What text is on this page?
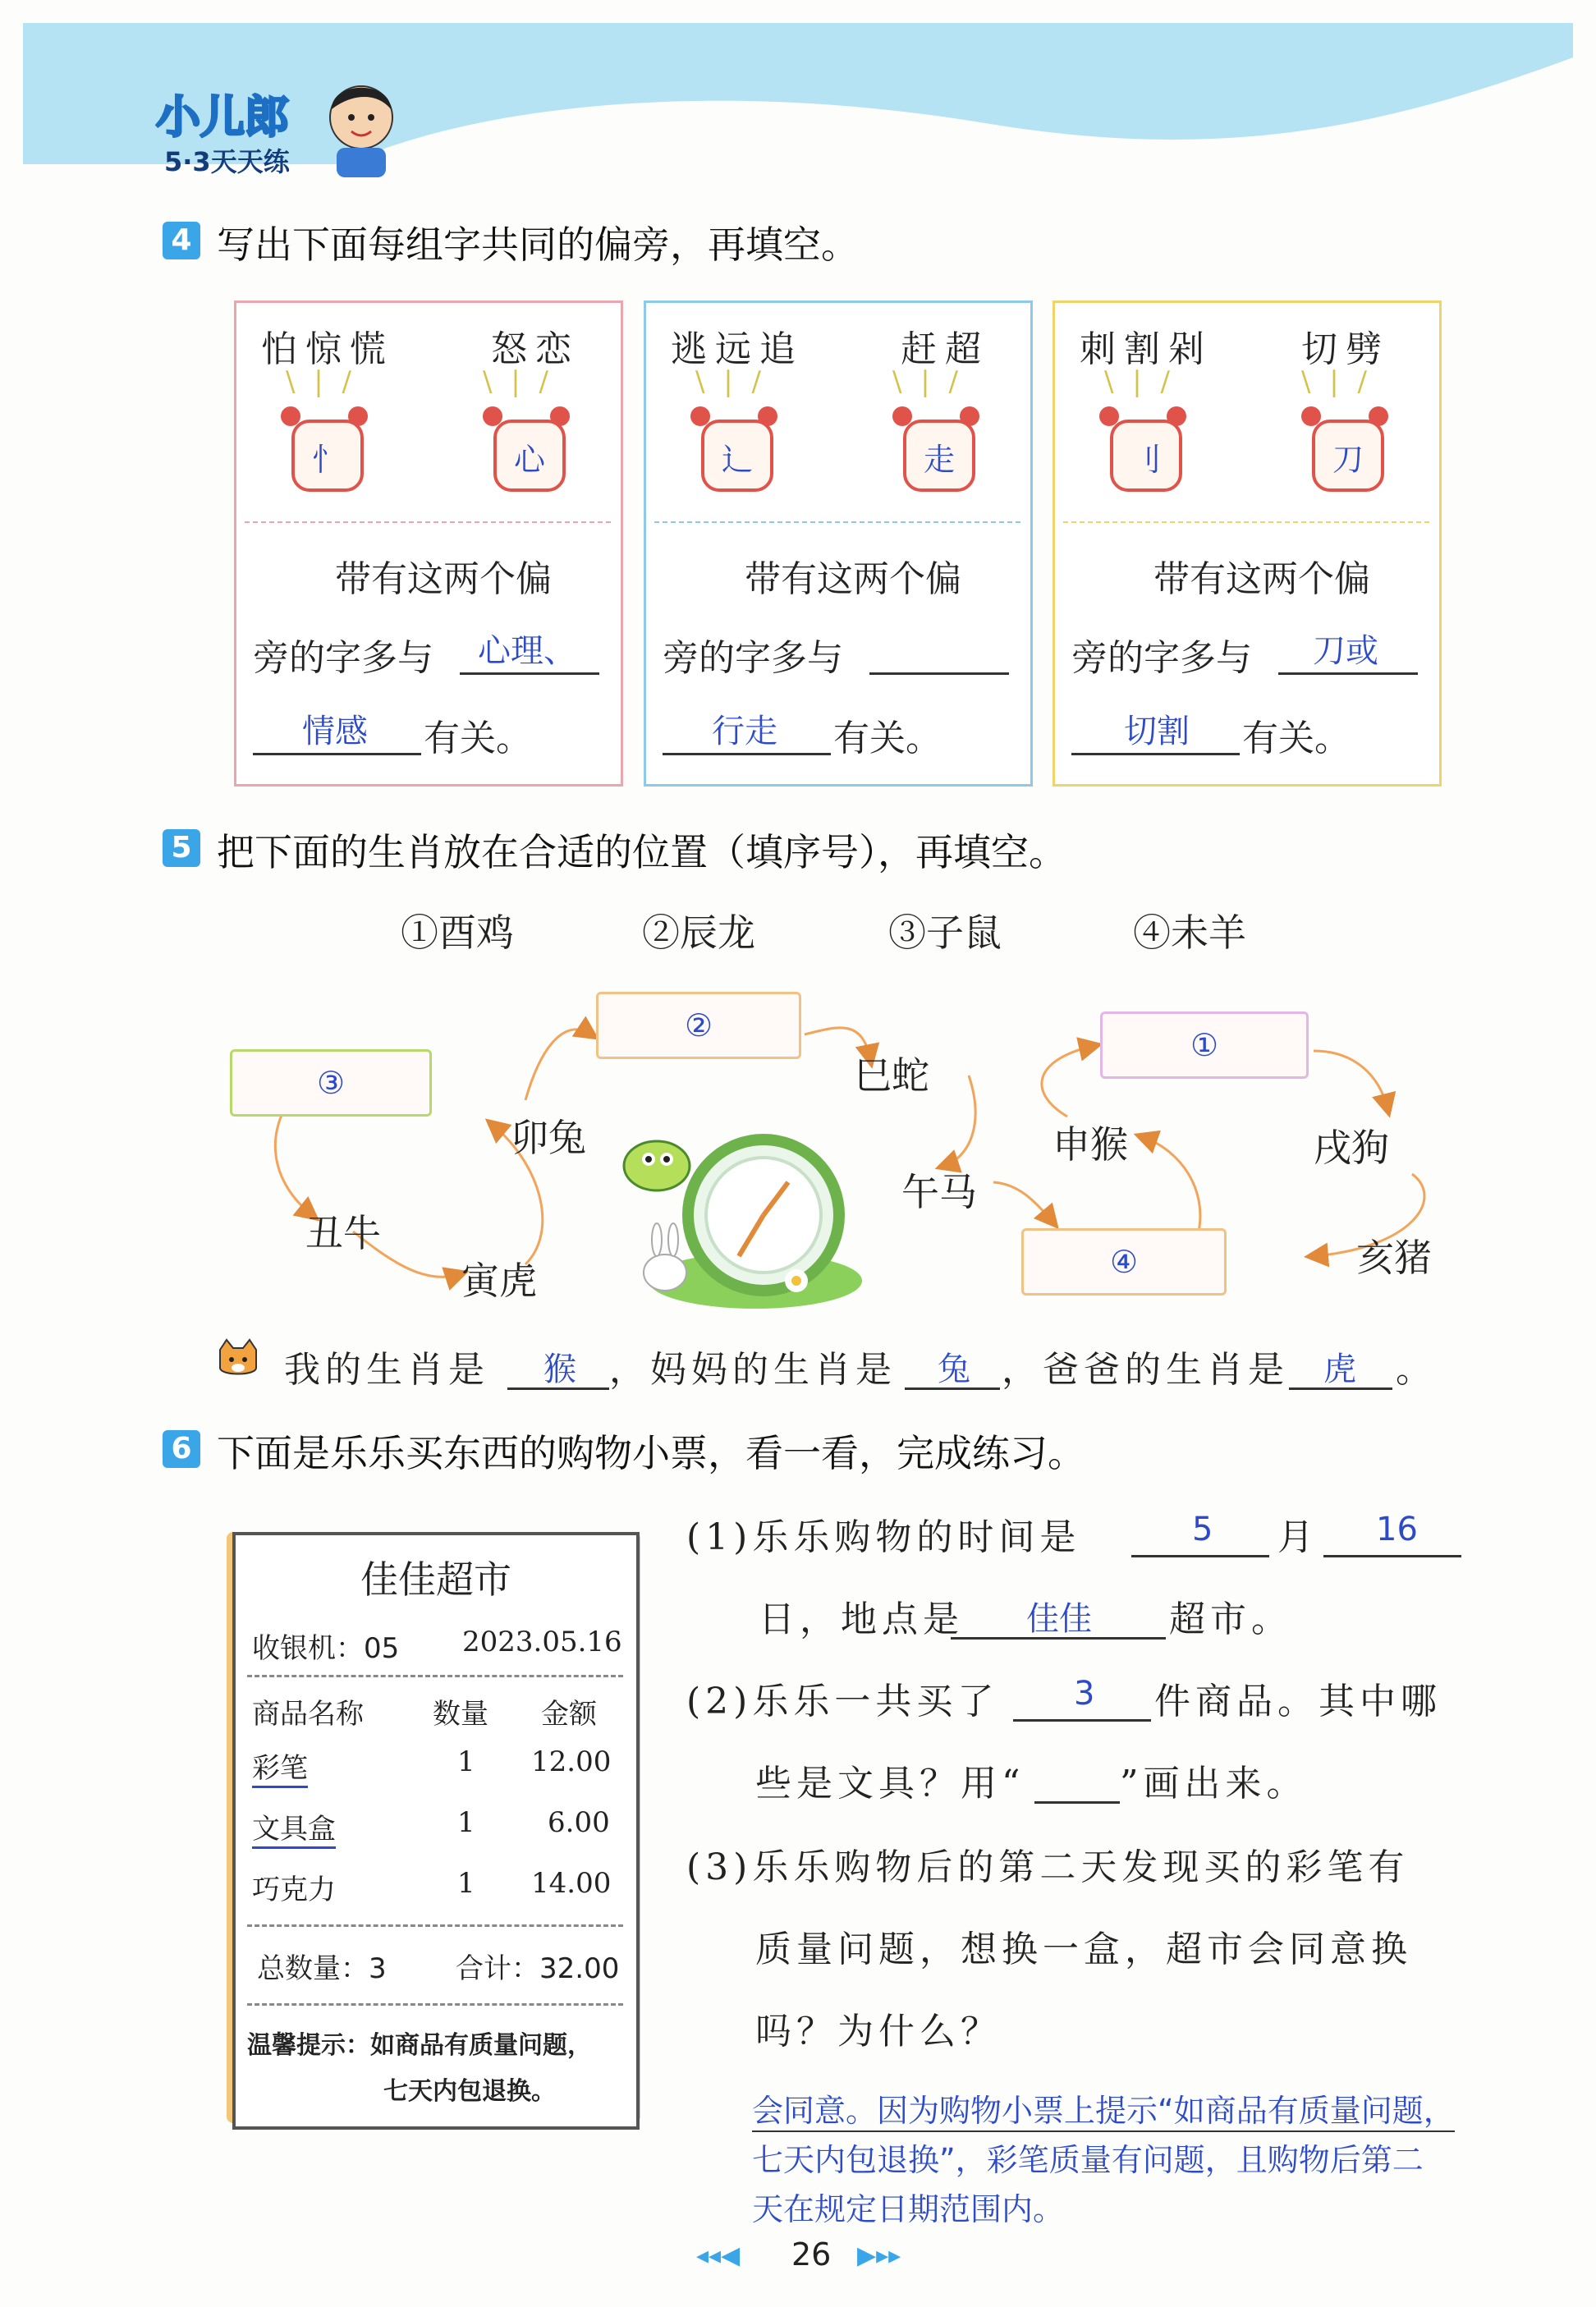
小儿郎
5·3天天练
4 写出下面每组字共同的偏旁，再填空。
怕惊慌	怒恋
\ | /	\ | /
忄	心
带有这两个偏
旁的字多与 心理、
情感 有关。
逃远追	赶超
\ | /	\ | /
辶	走
带有这两个偏
旁的字多与
行走 有关。
刺割剁 切劈
\ | /	\ | /
刂	刀
带有这两个偏
旁的字多与 刀或
切割 有关。
5 把下面的生肖放在合适的位置（填序号），再填空。
①酉鸡	②辰龙	③子鼠	④未羊
③
②
①
④
丑牛
寅虎
卯兔
巳蛇
午马
申猴	戌狗
亥猪
我的生肖是 猴 ，妈妈的生肖是 兔 ，爸爸的生肖是 虎 。
6 下面是乐乐买东西的购物小票，看一看，完成练习。
佳佳超市
收银机：05 2023.05.16
商品名称 数量 金额
彩笔	1 12.00
文具盒	1	6.00
巧克力	1 14.00
总数量：3 合计：32.00
温馨提示：如商品有质量问题，
七天内包退换。
(1)乐乐购物的时间是	5 月 16
日，地点是 佳佳 超市。
(2)乐乐一共买了 3 件商品。其中哪
些是文具？用“	”画出来。
(3)乐乐购物后的第二天发现买的彩笔有
质量问题，想换一盒，超市会同意换
吗？为什么？
会同意。因为购物小票上提示“如商品有质量问题，
七天内包退换”，彩笔质量有问题，且购物后第二
天在规定日期范围内。
◂◂◀ 26 ▶▸▸
